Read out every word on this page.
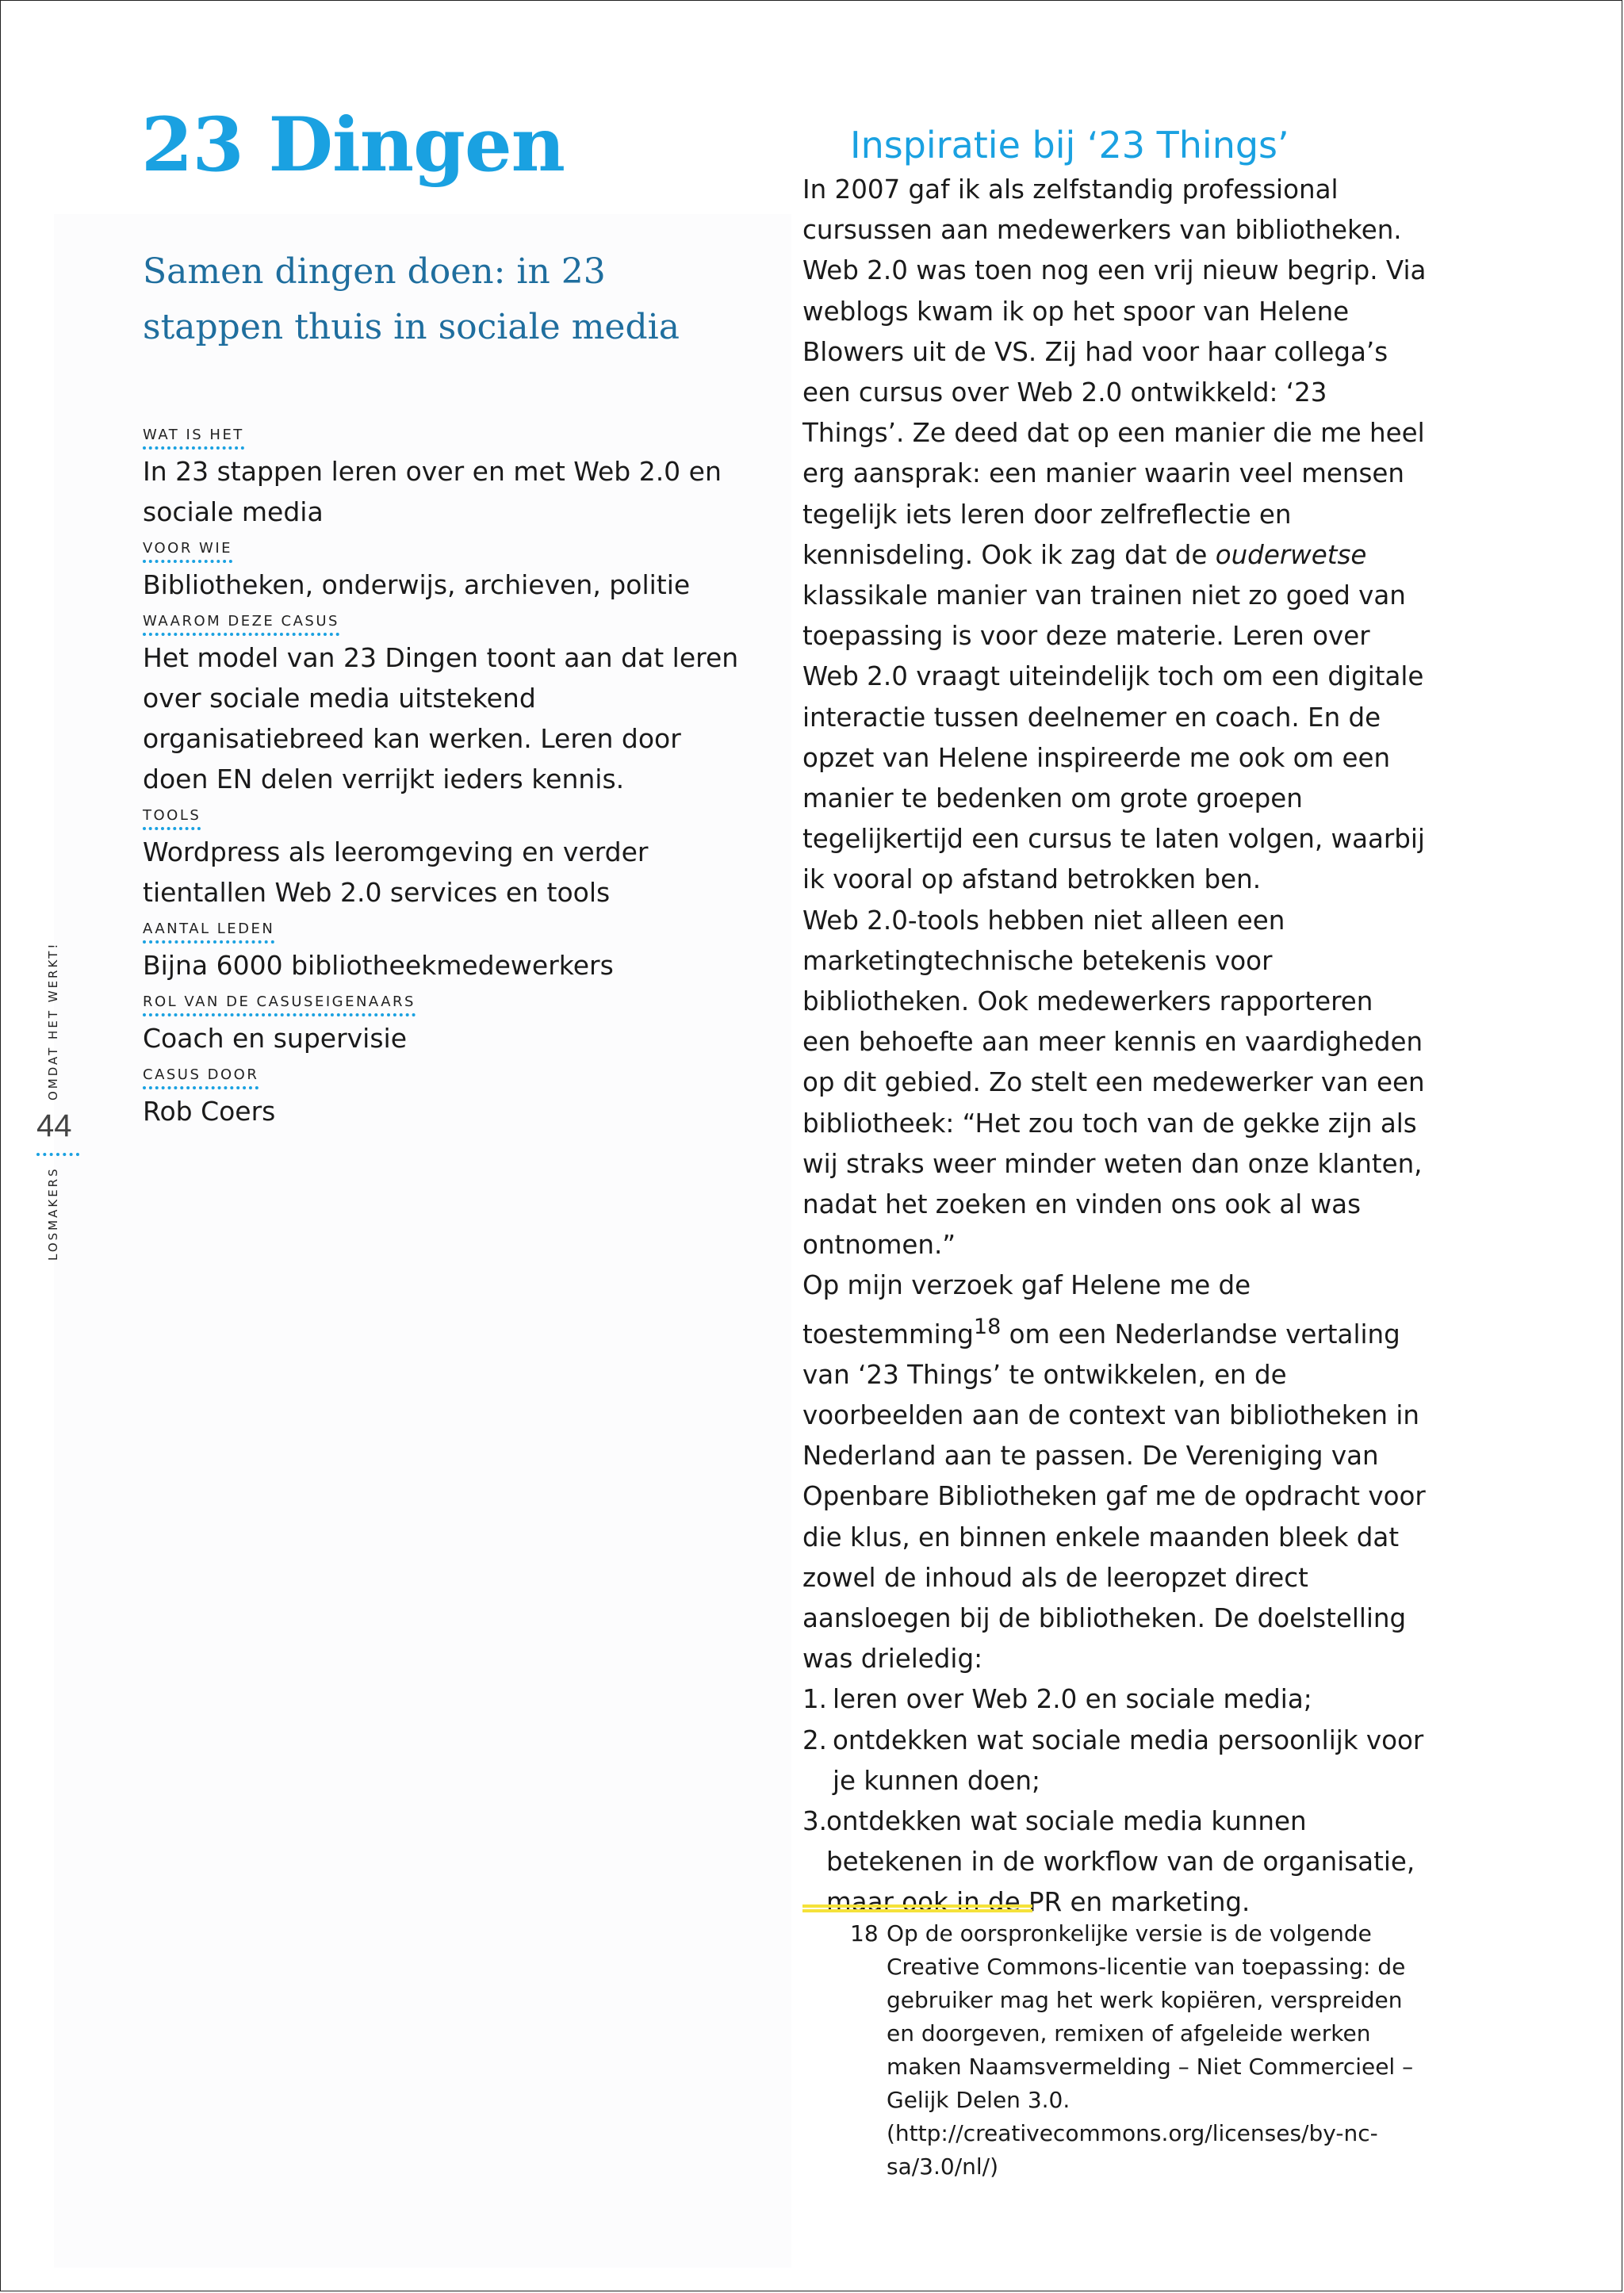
LOSMAKERS
OMDAT HET WERKT!
44
23 Dingen
Samen dingen doen: in 23 stappen thuis in sociale media
WAT IS HET
In 23 stappen leren over en met Web 2.0 en sociale media
VOOR WIE
Bibliotheken, onderwijs, archieven, politie
WAAROM DEZE CASUS
Het model van 23 Dingen toont aan dat leren over sociale media uitstekend organisatiebreed kan werken. Leren door doen EN delen verrijkt ieders kennis.
TOOLS
Wordpress als leeromgeving en verder tientallen Web 2.0 services en tools
AANTAL LEDEN
Bijna 6000 bibliotheekmedewerkers
ROL VAN DE CASUSEIGENAARS
Coach en supervisie
CASUS DOOR
Rob Coers
Inspiratie bij ‘23 Things’

In 2007 gaf ik als zelfstandig professional cursussen aan medewerkers van bibliotheken. Web 2.0 was toen nog een vrij nieuw begrip. Via weblogs kwam ik op het spoor van Helene Blowers uit de VS. Zij had voor haar collega’s een cursus over Web 2.0 ontwikkeld: ‘23 Things’. Ze deed dat op een manier die me heel erg aansprak: een manier waarin veel mensen tegelijk iets leren door zelfreflectie en kennisdeling. Ook ik zag dat de ouderwetse klassikale manier van trainen niet zo goed van toepassing is voor deze materie. Leren over Web 2.0 vraagt uiteindelijk toch om een digitale interactie tussen deelnemer en coach. En de opzet van Helene inspireerde me ook om een manier te bedenken om grote groepen tegelijkertijd een cursus te laten volgen, waarbij ik vooral op afstand betrokken ben.

Web 2.0-tools hebben niet alleen een marketingtechnische betekenis voor bibliotheken. Ook medewerkers rapporteren een behoefte aan meer kennis en vaardigheden op dit gebied. Zo stelt een medewerker van een bibliotheek: “Het zou toch van de gekke zijn als wij straks weer minder weten dan onze klanten, nadat het zoeken en vinden ons ook al was ontnomen.”

Op mijn verzoek gaf Helene me de toestemming$^{18}$ om een Nederlandse vertaling van ‘23 Things’ te ontwikkelen, en de voorbeelden aan de context van bibliotheken in Nederland aan te passen. De Vereniging van Openbare Bibliotheken gaf me de opdracht voor die klus, en binnen enkele maanden bleek dat zowel de inhoud als de leeropzet direct aansloegen bij de bibliotheken. De doelstelling was drieledig:

1. leren over Web 2.0 en sociale media;
2. ontdekken wat sociale media persoonlijk voor je kunnen doen;
3.
ontdekken wat sociale media kunnen betekenen in de workflow van de organisatie, maar ook in de PR en marketing.
18 Op de oorspronkelijke versie is de volgende Creative Commons-licentie van toepassing: de gebruiker mag het werk kopiëren, verspreiden en doorgeven, remixen of afgeleide werken maken Naamsvermelding – Niet Commercieel – Gelijk Delen 3.0. (http://creativecommons.org/licenses/by-nc-sa/3.0/nl/)
